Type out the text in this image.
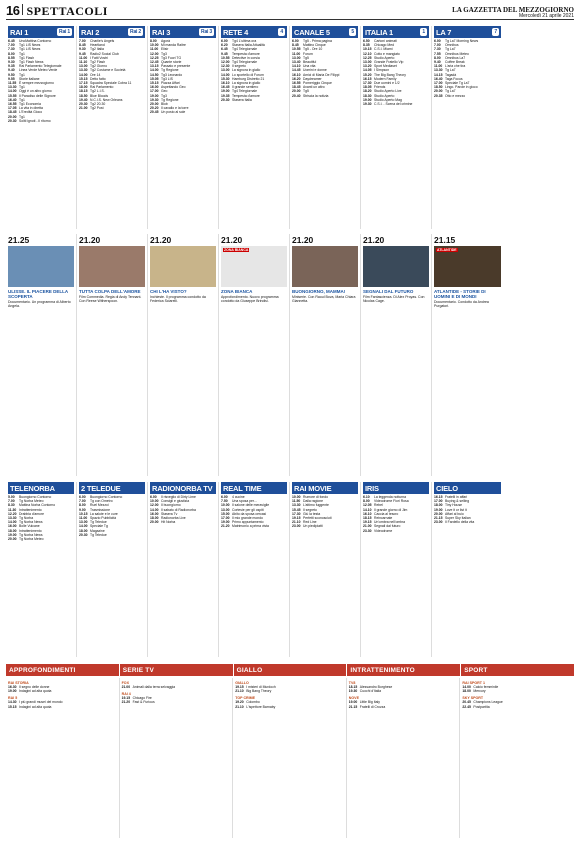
16 SPETTACOLI	LA GAZZETTA DEL MEZZOGIORNO
Mercoledì 21 aprile 2021
RAI 1	Rai 1
6.45	UnoMattina Contorno
7.00	Tg1 LIS News
7.30	Tg1 LIS News
8.00	Tg1
8.55	Tg1 Flash
9.30	Tg1 Flash News
9.35	Rai Parlamento Telegiornale
9.40	Linea Verde Meteo Verde
9.50	Tg1
9.55	Storie italiane
11.55 È sempre mezzogiorno
13.30 Tg1
14.00 Oggi è un altro giorno
15.55 Il Paradiso delle Signore
16.40 Tg1
16.55 Tg1 Economia
17.05 La vita in diretta
18.45 L'Eredità Gioco
20.00 Tg1
20.30 Soliti ignoti - Il ritorno
RAI 2	Rai 2
7.00	Charlie's Angels
8.45	Heartland
9.30	Tg2 Italia
9.45	Radio2 Social Club
11.00 I Fatti Vostri
11.10 Tg2 Flash
13.00 Tg2 Giorno
13.30 Tg2 Costume e Società
14.00 Ore 14
15.15 Detto fatto
17.15 Squadra Speciale Cobra 11
18.00 Rai Parlamento
18.15 Tg2 L.I.S.
18.50 Blue Bloods
19.40 N.C.I.S. New Orleans
20.30 Tg2 20.30
21.00 Tg2 Post
RAI 3	Rai 3
8.00	Agorà
10.00 Mi manda Raitre
11.00 Elisir
12.00 Tg3
12.25 Tg3 Fuori TG
12.45 Quante storie
13.15 Passato e presente
14.00 Tg Regione
14.50 Tg3 Leonardo
15.05 Tg3 LIS
15.15 Piazza Affari
16.00 Aspettando Geo
17.00 Geo
19.00 Tg3
19.30 Tg Regione
20.00 Blob
20.20 Il cavallo e la torre
20.45 Un posto al sole
RETE 4	4
6.00	Tg4 L'ultima ora
6.20	Stasera Italia Attualità
6.45	Tg4 Telegiornale
9.45	Tempesta d'amore
10.55 Detective in corsia
12.00 Tg4 Telegiornale
12.30 Il segreto
13.00 La signora in giallo
14.00 Lo sportello di Forum
15.30 Hamburg Distretto 21
16.10 La signora in giallo
16.45 Il grande sentiero
19.00 Tg4 Telegiornale
19.35 Tempesta d'amore
20.30 Stasera Italia
CANALE 5	5
6.00	Tg5 - Prima pagina
8.45	Mattino Cinque
10.55 Tg5 - Ore 10
11.00 Forum
13.00 Tg5
13.40 Beautiful
14.10 Una vita
14.45 Uomini e donne
16.10 Amici di Maria De Filippi
16.20 Daydreamer
16.55 Pomeriggio Cinque
18.45 Avanti un altro
20.00 Tg5
20.40 Striscia la notizia
ITALIA 1	1
6.50	Cartoni animati
8.35	Chicago Med
10.15 C.S.I. Miami
12.10 Cotto e mangiato
12.25 Studio Aperto
13.00 Grande Fratello Vip
13.20 Sport Mediaset
14.05 I Simpson
15.20 The Big Bang Theory
16.15 Modern Family
17.30 Due uomini e 1/2
18.05 Friends
18.20 Studio Aperto Live
18.30 Studio Aperto
19.00 Studio Aperto Mag
19.30 C.S.I. - Scena del crimine
LA 7	7
6.00	Tg La7 Morning News
7.00	Omnibus
7.30	Tg La7
7.55	Omnibus Meteo
8.00	Omnibus La7
9.40	Coffee Break
11.00 L'aria che tira
13.30 Tg La7
14.15 Tagadà
16.40 Taga Focus
17.00 Speciale Tg La7
18.50 Lingo. Parole in gioco
20.00 Tg La7
20.35 Otto e mezzo
21.25
ULISSE. IL PIACERE DELLA SCOPERTA
Documentario. Un programma di Alberto Angela.
21.20
TUTTA COLPA DELL'AMORE
Film Commedia. Regia di Andy Tennant. Con Reese Witherspoon.
21.20
CHI L'HA VISTO?
Inchieste. Il programma condotto da Federica Sciarelli.
21.20
ZONA BIANCA
ZONA BIANCA
Approfondimento. Nuovo programma condotto da Giuseppe Brindisi.
21.20
BUONGIORNO, MAMMA!
Miniserie. Con Raoul Bova, Maria Chiara Giannetta.
21.20
SEGNALI DAL FUTURO
Film Fantascienza. Di Alex Proyas. Con Nicolas Cage.
21.15
ATLANTIDE
ATLANTIDE - STORIE DI UOMINI E DI MONDI
Documentario. Condotto da Andrea Purgatori.
TELENORBA
5.00	Buongiorno Contorno
7.00	Tg Norba Meteo
8.30	Mattina Norba Contorno
11.30 Intrattenimento
12.20 Drabbia d'amore
13.30 Tg Norba
14.00 Tg Norba News
16.00 Bolle Vulcane
18.00 Intrattenimento
19.00 Tg Norba News
20.00 Tg Norba Meteo
2 TELEDUE
6.00	Buongiorno Contorno
7.00	Tg con Ometro
8.00	Ruel Mezzoi
9.00	Trasmissione
10.15 La salute e le cure
11.00 Spazio Pubblicità
13.00 Tg Teledue
14.00 Speciale Tg
18.00 Magazine
20.30 Tg Teledue
RADIONORBA TV
6.00	Il risveglio di Dirty Lime
10.00 Consigli e giustizia
12.00 Il buongiorno
14.00 Il sabato di Radionorba
16.00 Stasera Tv
18.00 Radionorba Live
20.00 Hit Norba
REAL TIME
6.00	4 cucine
7.50	Una sposa per...
10.00 Il salone delle meraviglie
13.00 Cortesie per gli ospiti
15.00 Abito da sposa cercasi
17.00 Il mio grande mondo
19.00 Primo appuntamento
21.20 Matrimonio a prima vista
RAI MOVIE
10.00 Rumore di fondo
11.50 Dalla ragione
13.30 L'attimo fuggente
15.45 Il segreto
17.30 Giù la testa
19.15 Perfetti sconosciuti
21.10 Red Line
23.00 Un piedipiatti
IRIS
6.10	La leggenda notturna
8.00	Videodrome Fiori Rosa
12.05 Rebel
14.10 Il grande giorno di Jim
16.10 Caccia al tesoro
18.15 Reincarnate
19.15 Un'ombra nell'ombra
21.00 Segnali dal futuro
23.30 Videodrome
CIELO
16.15 Fratelli in affari
17.00 Buying & selling
18.00 Tiny House
19.00 Love it or list it
20.00 Affari al buio
21.15 Super Sky Italian
23.00 Il Fardello della vita
APPROFONDIMENTI	SERIE TV	GIALLO	INTRATTENIMENTO	SPORT
RAI STORIA
16.30 Il segno delle donne
19.00 Indagini ad alta quota
RAI 5
14.30 I più grandi musei del mondo
15.15 Indagini ad alta quota
FOX
21.00 Animali dalla terra selvaggia
RAI 4
19.15 Chicago Fire
21.20 Fast & Furious
GIALLO
19.15 I misteri di Murdoch
21.10 Big Bang Theory
TOP CRIME
19.20 Colombo
21.10 L'ispettore Barnaby
TV8
18.15 Alessandro Borghese
19.30 Cuochi d'Italia
NOVE
19.00 Little Big Italy
21.15 Fratelli di Crozza
RAI SPORT 1
14.00 Calcio femminile
18.00 Mercury
SKY SPORT
20.45 Champions League
22.45 Postpartita
